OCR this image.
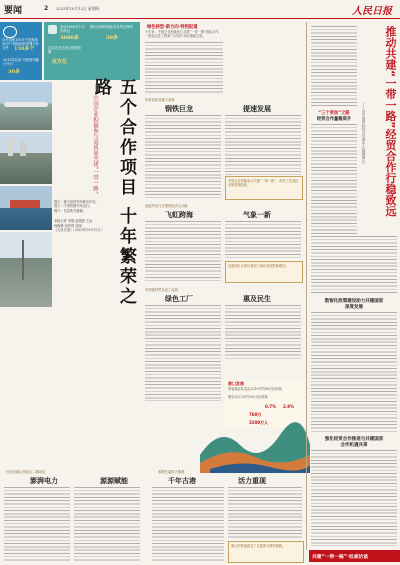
要闻	2 2023年10月12日 星期四	人民日报
合作国家150多个国家和30多个国际组织签署合作文件	150多个
2013年以来 中欧班列累计开行
30多
形成3000多个合作项目
3000多
拉动近万亿美元投资规模
近万亿
面向全球的高标准自贸区网络
50多
图①：雅万高铁列车驶出车站。
图②：中老铁路列车运行。
图③：比雷埃夫斯港。
本报记者 李刚 赵晓霞 王远
杨俊峰 刘军国 吴刚
《人民日报》（2023年10月12日） 五个合作项目 十年繁荣之路
——中国企业积极参与高质量共建“一带一路”
绿色转型·新方向·特别报道
十年来，中国企业积极参与共建“一带一路”国际合作，一批标志性工程和“小而美”项目落地生根。
印度尼西亚雅万高铁
钢铁巨龙	提速发展
中国企业积极参与共建“一带一路”，带来了先进技术和管理经验。
连接印尼与东盟的经济大动脉
飞虹跨海	气象一新
这座园区让我们看到了绿色发展的新路径。
中国建材赞比亚工业园
绿色工厂	惠及民生
港口发展
集装箱吞吐量由2010年约88万标准箱
增至2023年约500万标准箱
0.7% 2.9%
760万
3200万人
巴西美丽山特高压二期项目
澎湃电力	源源赋能
希腊比雷埃夫斯港
千年古港	活力重现
港口的发展改变了比雷埃夫斯的面貌。
推动共建“一带一路”经贸合作行稳致远
——访中国国际经济交流中心副理事长
“三个更加”之路
经贸合作量稳质升
数智化政策建设助力共建国家
深度发展
强化经贸合作推进与共建国家
合作机遇共享
共建“一带一路”·权威访谈
